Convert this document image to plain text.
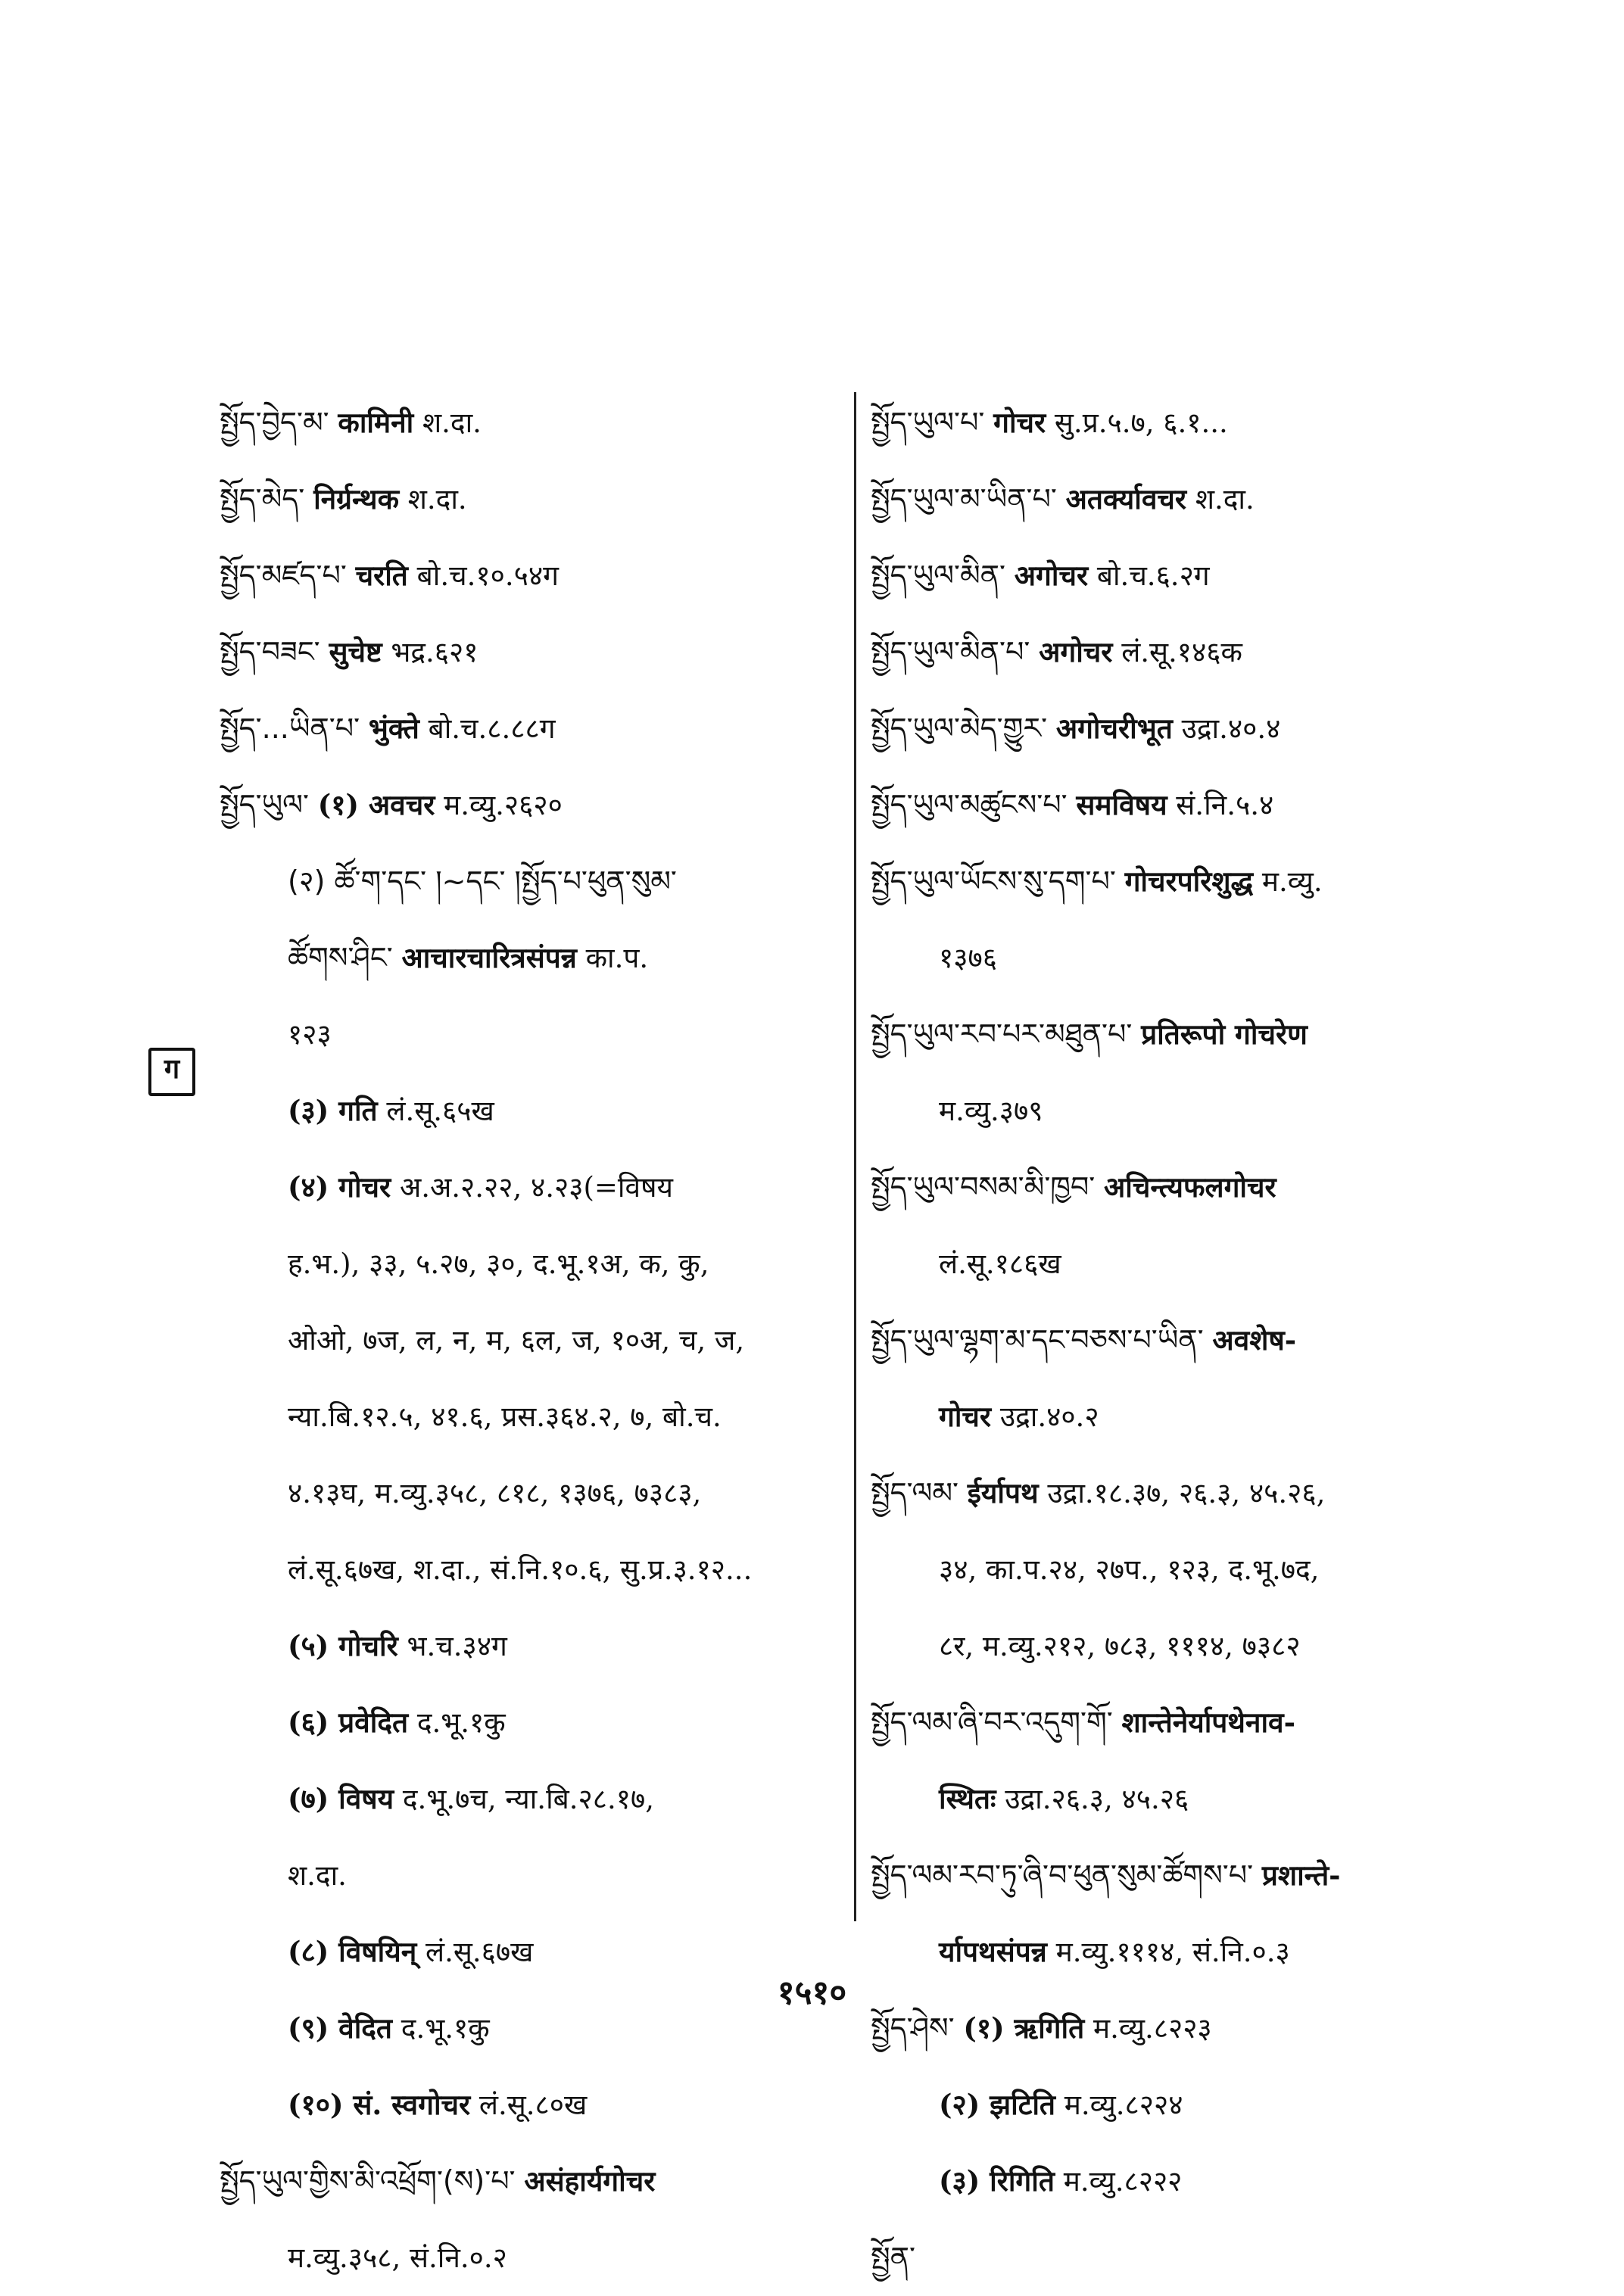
སྤྱོད་བྱེད་མ་ कामिनी श.दा.
སྤྱོད་མེད་ निर्ग्रन्थक श.दा.
སྤྱོད་མཛད་པ་ चरति बो.च.१०.५४ग
སྤྱོད་བཟང་ सुचेष्ट भद्र.६२१
སྤྱོད་...ཡིན་པ་ भुंक्ते बो.च.८.८८ग
སྤྱོད་ཡུལ་ (१) अवचर म.व्यु.२६२०
(२) ཚོ་ག་དང་ །~དང་ །སྤྱོད་པ་ཕུན་སུམ་
ཚོགས་ཤིང་ आचारचारित्रसंपन्न का.प.
१२३
(३) गति लं.सू.६५ख
(४) गोचर अ.अ.२.२२, ४.२३(=विषय
ह.भ.), ३३, ५.२७, ३०, द.भू.१अ, क, कु,
ओओ, ७ज, ल, न, म, ६ल, ज, १०अ, च, ज,
न्या.बि.१२.५, ४१.६, प्रस.३६४.२, ७, बो.च.
४.१३घ, म.व्यु.३५८, ८१८, १३७६, ७३८३,
लं.सू.६७ख, श.दा., सं.नि.१०.६, सु.प्र.३.१२...
(५) गोचरि भ.च.३४ग
(६) प्रवेदित द.भू.१कु
(७) विषय द.भू.७च, न्या.बि.२८.१७,
श.दा.
(८) विषयिन् लं.सू.६७ख
(९) वेदित द.भू.१कु
(१०) सं. स्वगोचर लं.सू.८०ख
སྤྱོད་ཡུལ་གྱིས་མི་འཕྲོག་(ས)་པ་ असंहार्यगोचर
म.व्यु.३५८, सं.नि.०.२
སྤྱོད་ཡུལ་པ་ गोचर सु.प्र.५.७, ६.१...
སྤྱོད་ཡུལ་མ་ཡིན་པ་ अतर्क्यावचर श.दा.
སྤྱོད་ཡུལ་མིན་ अगोचर बो.च.६.२ग
སྤྱོད་ཡུལ་མིན་པ་ अगोचर लं.सू.१४६क
སྤྱོད་ཡུལ་མེད་གྱུར་ अगोचरीभूत उद्रा.४०.४
སྤྱོད་ཡུལ་མཚུངས་པ་ समविषय सं.नि.५.४
སྤྱོད་ཡུལ་ཡོངས་སུ་དག་པ་ गोचरपरिशुद्ध म.व्यु.
१३७६
སྤྱོད་ཡུལ་རབ་པར་མཐུན་པ་ प्रतिरूपो गोचरेण
म.व्यु.३७९
སྤྱོད་ཡུལ་བསམ་མི་ཁྱབ་ अचिन्त्यफलगोचर
लं.सू.१८६ख
སྤྱོད་ཡུལ་ལྷག་མ་དང་བཅས་པ་ཡིན་ अवशेष-
गोचर उद्रा.४०.२
སྤྱོད་ལམ་ ईर्यापथ उद्रा.१८.३७, २६.३, ४५.२६,
३४, का.प.२४, २७प., १२३, द.भू.७द,
८र, म.व्यु.२१२, ७८३, १११४, ७३८२
སྤྱོད་ལམ་ཞི་བར་འདུག་གོ་ शान्तेनेर्यापथेनाव-
स्थितः उद्रा.२६.३, ४५.२६
སྤྱོད་ལམ་རབ་ཏུ་ཞི་བ་ཕུན་སུམ་ཚོགས་པ་ प्रशान्ते-
र्यापथसंपन्न म.व्यु.१११४, सं.नि.०.३
སྤྱོད་ཤེས་ (१) ऋगिति म.व्यु.८२२३
(२) झटिति म.व्यु.८२२४
(३) रिगिति म.व्यु.८२२२
སྤྱོན་
ग
१५१०
